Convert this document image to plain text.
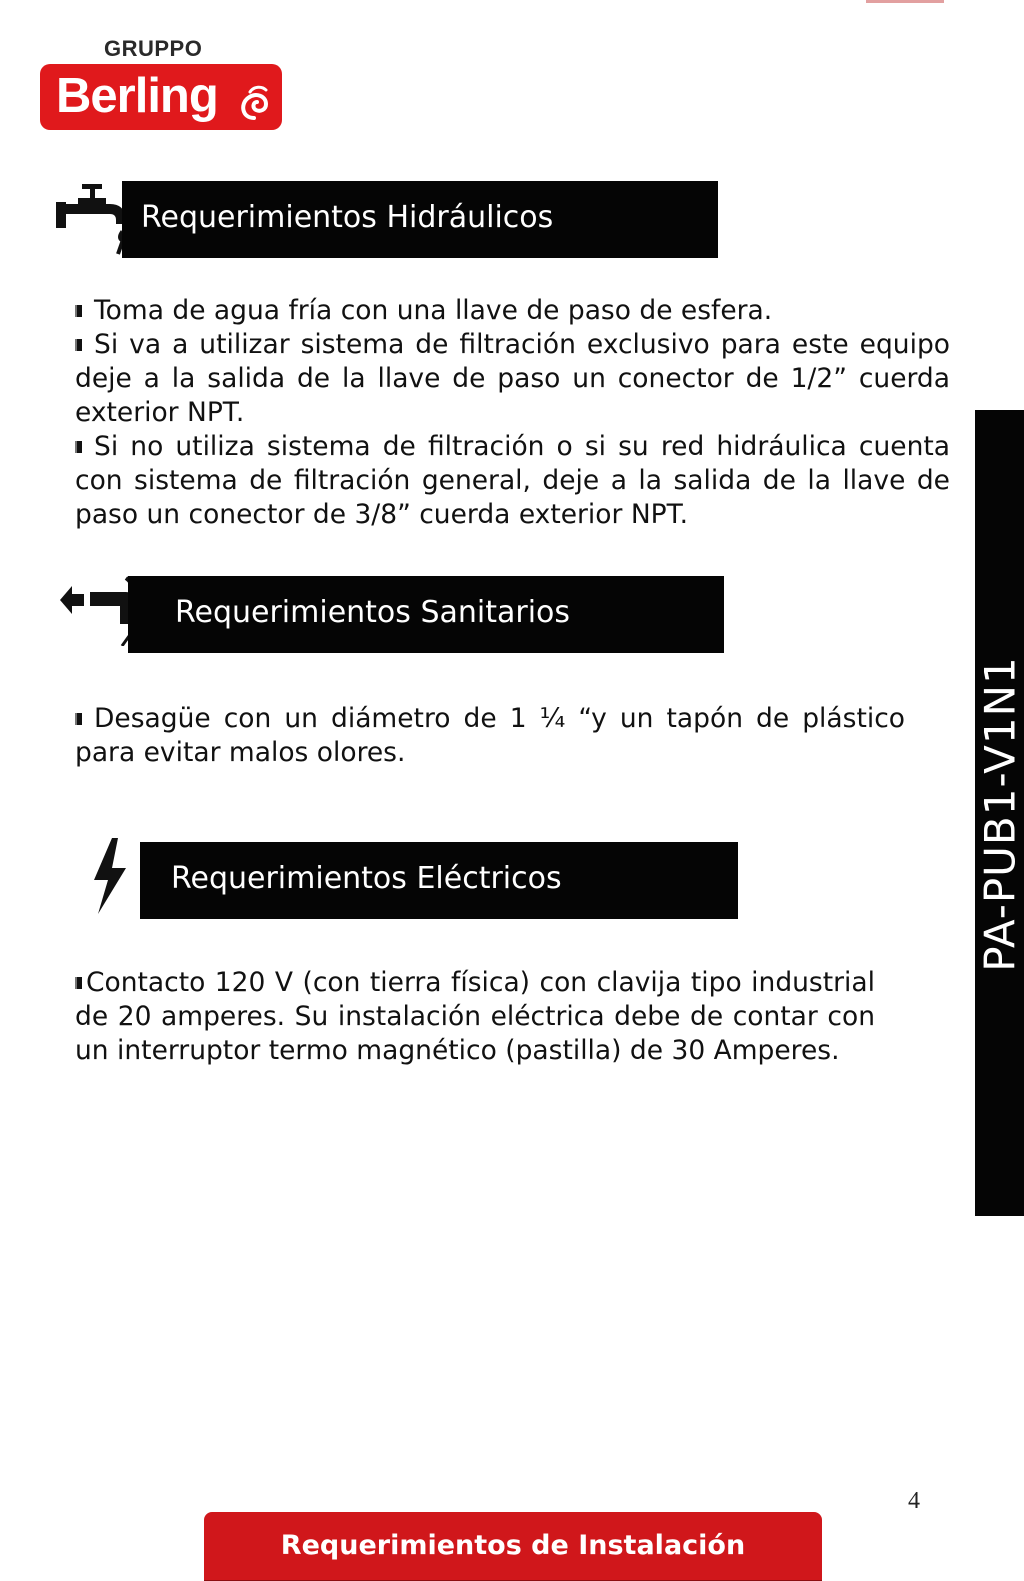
GRUPPO
Berling
Requerimientos Hidráulicos

Toma de agua fría con una llave de paso de esfera.

Si va a utilizar sistema de filtración exclusivo para este equipo deje a la salida de la llave de paso un conector de 1/2” cuerda exterior NPT.

Si no utiliza sistema de filtración o si su red hidráulica cuenta con sistema de filtración general, deje a la salida de la llave de paso un conector de 3/8” cuerda exterior NPT.

Requerimientos Sanitarios

Desagüe con un diámetro de 1 ¼ “y un tapón de plástico para evitar malos olores.

Requerimientos Eléctricos

Contacto 120 V (con tierra física) con clavija tipo industrial de 20 amperes. Su instalación eléctrica debe de contar con un interruptor termo magnético (pastilla) de 30 Amperes.

PA-PUB1-V1N1
4
Requerimientos de Instalación
